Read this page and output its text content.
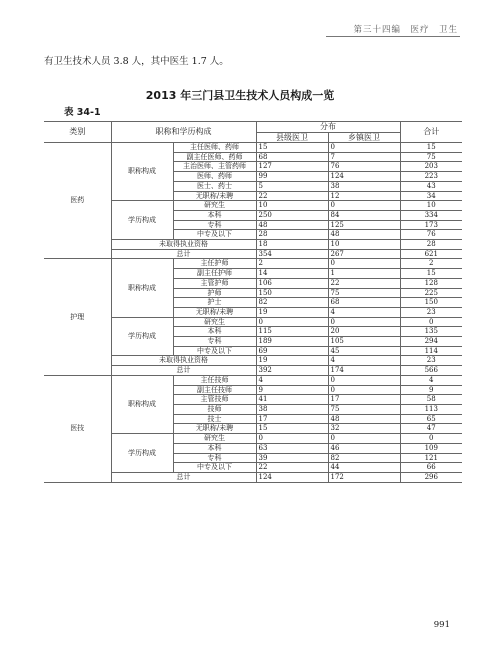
第三十四编　医疗　卫生
有卫生技术人员 3.8 人，其中医生 1.7 人。
2013 年三门县卫生技术人员构成一览
表 34-1
类别	职称和学历构成		分布		合计
			县级医卫	乡镇医卫	
医药	职称构成	主任医师、药师	15	0	15
		副主任医师、药师	68	7	75
		主治医师、主管药师	127	76	203
		医师、药师	99	124	223
		医士、药士	5	38	43
		无职称/未聘	22	12	34
	学历构成	研究生	10	0	10
		本科	250	84	334
		专科	48	125	173
		中专及以下	28	48	76
	未取得执业资格		18	10	28
	总计		354	267	621
护理	职称构成	主任护师	2	0	2
		副主任护师	14	1	15
		主管护师	106	22	128
		护师	150	75	225
		护士	82	68	150
		无职称/未聘	19	4	23
	学历构成	研究生	0	0	0
		本科	115	20	135
		专科	189	105	294
		中专及以下	69	45	114
	未取得执业资格		19	4	23
	总计		392	174	566
医技	职称构成	主任技师	4	0	4
		副主任技师	9	0	9
		主管技师	41	17	58
		技师	38	75	113
		技士	17	48	65
		无职称/未聘	15	32	47
	学历构成	研究生	0	0	0
		本科	63	46	109
		专科	39	82	121
		中专及以下	22	44	66
	总计		124	172	296
991
